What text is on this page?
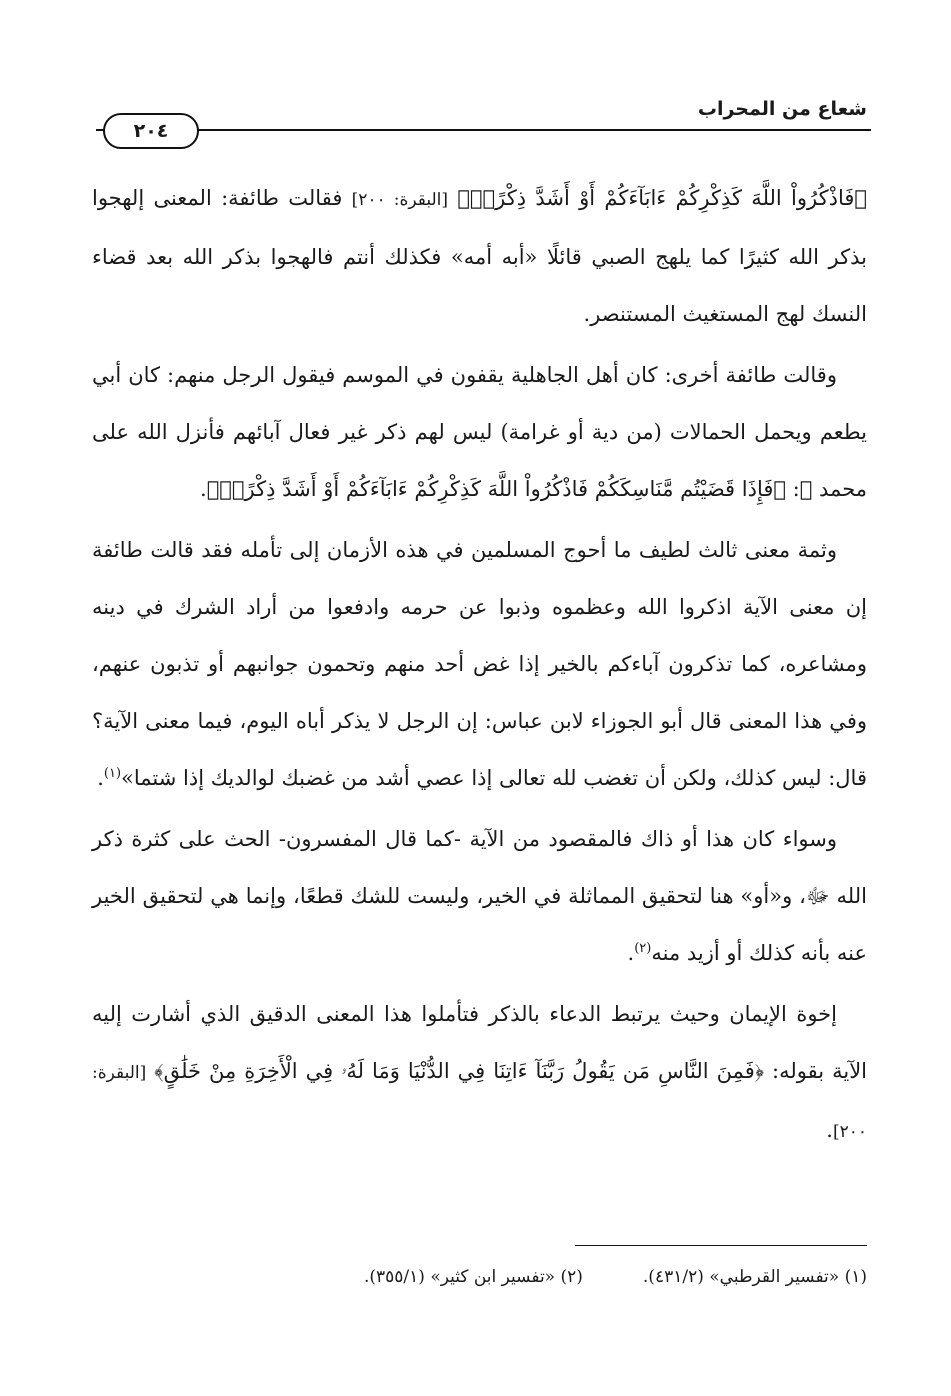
شعاع من المحراب
٢٠٤

﴿فَاذْكُرُواْ اللَّهَ كَذِكْرِكُمْ ءَابَآءَكُمْ أَوْ أَشَدَّ ذِكْرًاۗ﴾ [البقرة: ٢٠٠] فقالت طائفة: المعنى إلهجوا بذكر الله كثيرًا كما يلهج الصبي قائلًا «أبه أمه» فكذلك أنتم فالهجوا بذكر الله بعد قضاء النسك لهج المستغيث المستنصر.

وقالت طائفة أخرى: كان أهل الجاهلية يقفون في الموسم فيقول الرجل منهم: كان أبي يطعم ويحمل الحمالات (من دية أو غرامة) ليس لهم ذكر غير فعال آبائهم فأنزل الله على محمد ﷺ: ﴿فَإِذَا قَضَيْتُم مَّنَاسِكَكُمْ فَاذْكُرُواْ اللَّهَ كَذِكْرِكُمْ ءَابَآءَكُمْ أَوْ أَشَدَّ ذِكْرًاۗ﴾.

وثمة معنى ثالث لطيف ما أحوج المسلمين في هذه الأزمان إلى تأمله فقد قالت طائفة إن معنى الآية اذكروا الله وعظموه وذبوا عن حرمه وادفعوا من أراد الشرك في دينه ومشاعره، كما تذكرون آباءكم بالخير إذا غض أحد منهم وتحمون جوانبهم أو تذبون عنهم، وفي هذا المعنى قال أبو الجوزاء لابن عباس: إن الرجل لا يذكر أباه اليوم، فيما معنى الآية؟ قال: ليس كذلك، ولكن أن تغضب لله تعالى إذا عصي أشد من غضبك لوالديك إذا شتما»$^{(١)}$.

وسواء كان هذا أو ذاك فالمقصود من الآية -كما قال المفسرون- الحث على كثرة ذكر الله ﷻ، و«أو» هنا لتحقيق المماثلة في الخير، وليست للشك قطعًا، وإنما هي لتحقيق الخير عنه بأنه كذلك أو أزيد منه$^{(٢)}$.

إخوة الإيمان وحيث يرتبط الدعاء بالذكر فتأملوا هذا المعنى الدقيق الذي أشارت إليه الآية بقوله: ﴿فَمِنَ النَّاسِ مَن يَقُولُ رَبَّنَآ ءَاتِنَا فِي الدُّنْيَا وَمَا لَهُۥ فِي الْأَخِرَةِ مِنْ خَلَٰقٍ﴾ [البقرة: ٢٠٠].

(١) «تفسير القرطبي» (٤٣١/٢).
(٢) «تفسير ابن كثير» (٣٥٥/١).
